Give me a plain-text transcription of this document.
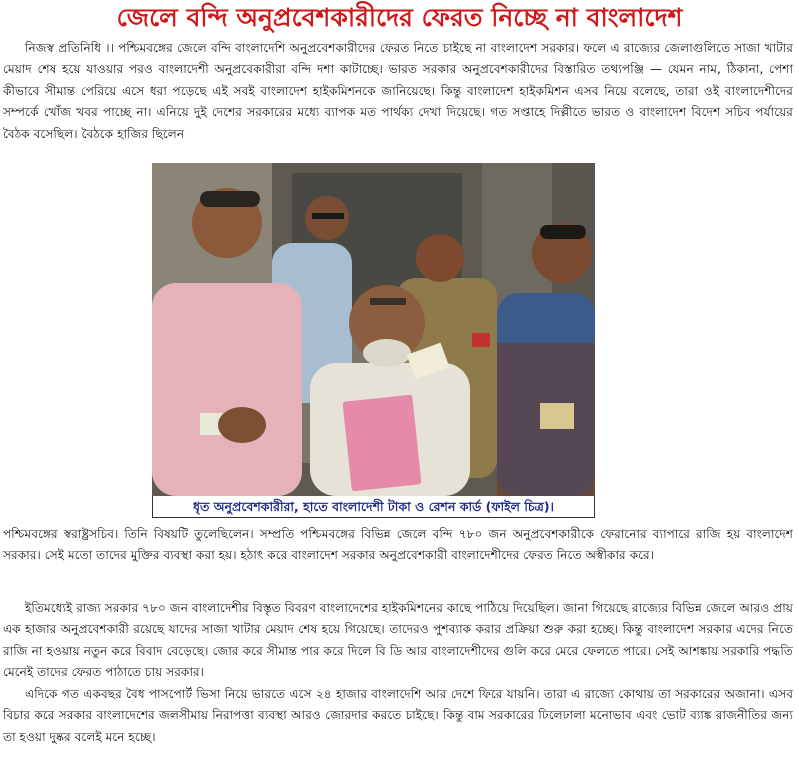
জেলে বন্দি অনুপ্রবেশকারীদের ফেরত নিচ্ছে না বাংলাদেশ
নিজস্ব প্রতিনিধি ।। পশ্চিমবঙ্গের জেলে বন্দি বাংলাদেশি অনুপ্রবেশকারীদের ফেরত নিতে চাইছে না বাংলাদেশ সরকার। ফলে এ রাজ্যের জেলাগুলিতে সাজা খাটার মেয়াদ শেষ হয়ে যাওয়ার পরও বাংলাদেশী অনুপ্রবেকারীরা বন্দি দশা কাটাচ্ছে। ভারত সরকার অনুপ্রবেশকারীদের বিস্তারিত তথ্যপঞ্জি — যেমন নাম, ঠিকানা, পেশা কীভাবে সীমান্ত পেরিয়ে এসে ধরা পড়েছে এই সবই বাংলাদেশ হাইকমিশনকে জানিয়েছে। কিন্তু বাংলাদেশ হাইকমিশন এসব নিয়ে বলেছে, তারা ওই বাংলাদেশীদের সম্পর্কে খোঁজ খবর পাচ্ছে না। এনিয়ে দুই দেশের সরকারের মধ্যে ব্যাপক মত পার্থক্য দেখা দিয়েছে। গত সপ্তাহে দিল্লীতে ভারত ও বাংলাদেশ বিদেশ সচিব পর্যায়ের বৈঠক বসেছিল। বৈঠকে হাজির ছিলেন
ধৃত অনুপ্রবেশকারীরা, হাতে বাংলাদেশী টাকা ও রেশন কার্ড (ফাইল চিত্র)।
পশ্চিমবঙ্গের স্বরাষ্ট্রসচিব। তিনি বিষয়টি তুলেছিলেন। সম্প্রতি পশ্চিমবঙ্গের বিভিন্ন জেলে বন্দি ৭৮০ জন অনুপ্রবেশকারীকে ফেরানোর ব্যাপারে রাজি হয় বাংলাদেশ সরকার। সেই মতো তাদের মুক্তির ব্যবস্থা করা হয়। হঠাৎ করে বাংলাদেশ সরকার অনুপ্রবেশকারী বাংলাদেশীদের ফেরত নিতে অস্বীকার করে।
ইতিমধ্যেই রাজ্য সরকার ৭৮০ জন বাংলাদেশীর বিস্তৃত বিবরণ বাংলাদেশের হাইকমিশনের কাছে পাঠিয়ে দিয়েছিল। জানা গিয়েছে রাজ্যের বিভিন্ন জেলে আরও প্রায় এক হাজার অনুপ্রবেশকারী রয়েছে যাদের সাজা খাটার মেয়াদ শেষ হয়ে গিয়েছে। তাদেরও পুশব্যাক করার প্রক্রিয়া শুরু করা হচ্ছে। কিন্তু বাংলাদেশ সরকার এদের নিতে রাজি না হওয়ায় নতুন করে বিবাদ বেড়েছে। জোর করে সীমান্ত পার করে দিলে বি ডি আর বাংলাদেশীদের গুলি করে মেরে ফেলতে পারে। সেই আশঙ্কায় সরকারি পদ্ধতি মেনেই তাদের ফেরত পাঠাতে চায় সরকার।
এদিকে গত একবছর বৈধ পাসপোর্ট ভিসা নিয়ে ভারতে এসে ২৪ হাজার বাংলাদেশি আর দেশে ফিরে যায়নি। তারা এ রাজ্যে কোথায় তা সরকারের অজানা। এসব বিচার করে সরকার বাংলাদেশের জলসীমায় নিরাপত্তা ব্যবস্থা আরও জোরদার করতে চাইছে। কিন্তু বাম সরকারের ঢিলেঢালা মনোভাব এবং ভোট ব্যাঙ্ক রাজনীতির জন্য তা হওয়া দুষ্কর বলেই মনে হচ্ছে।
